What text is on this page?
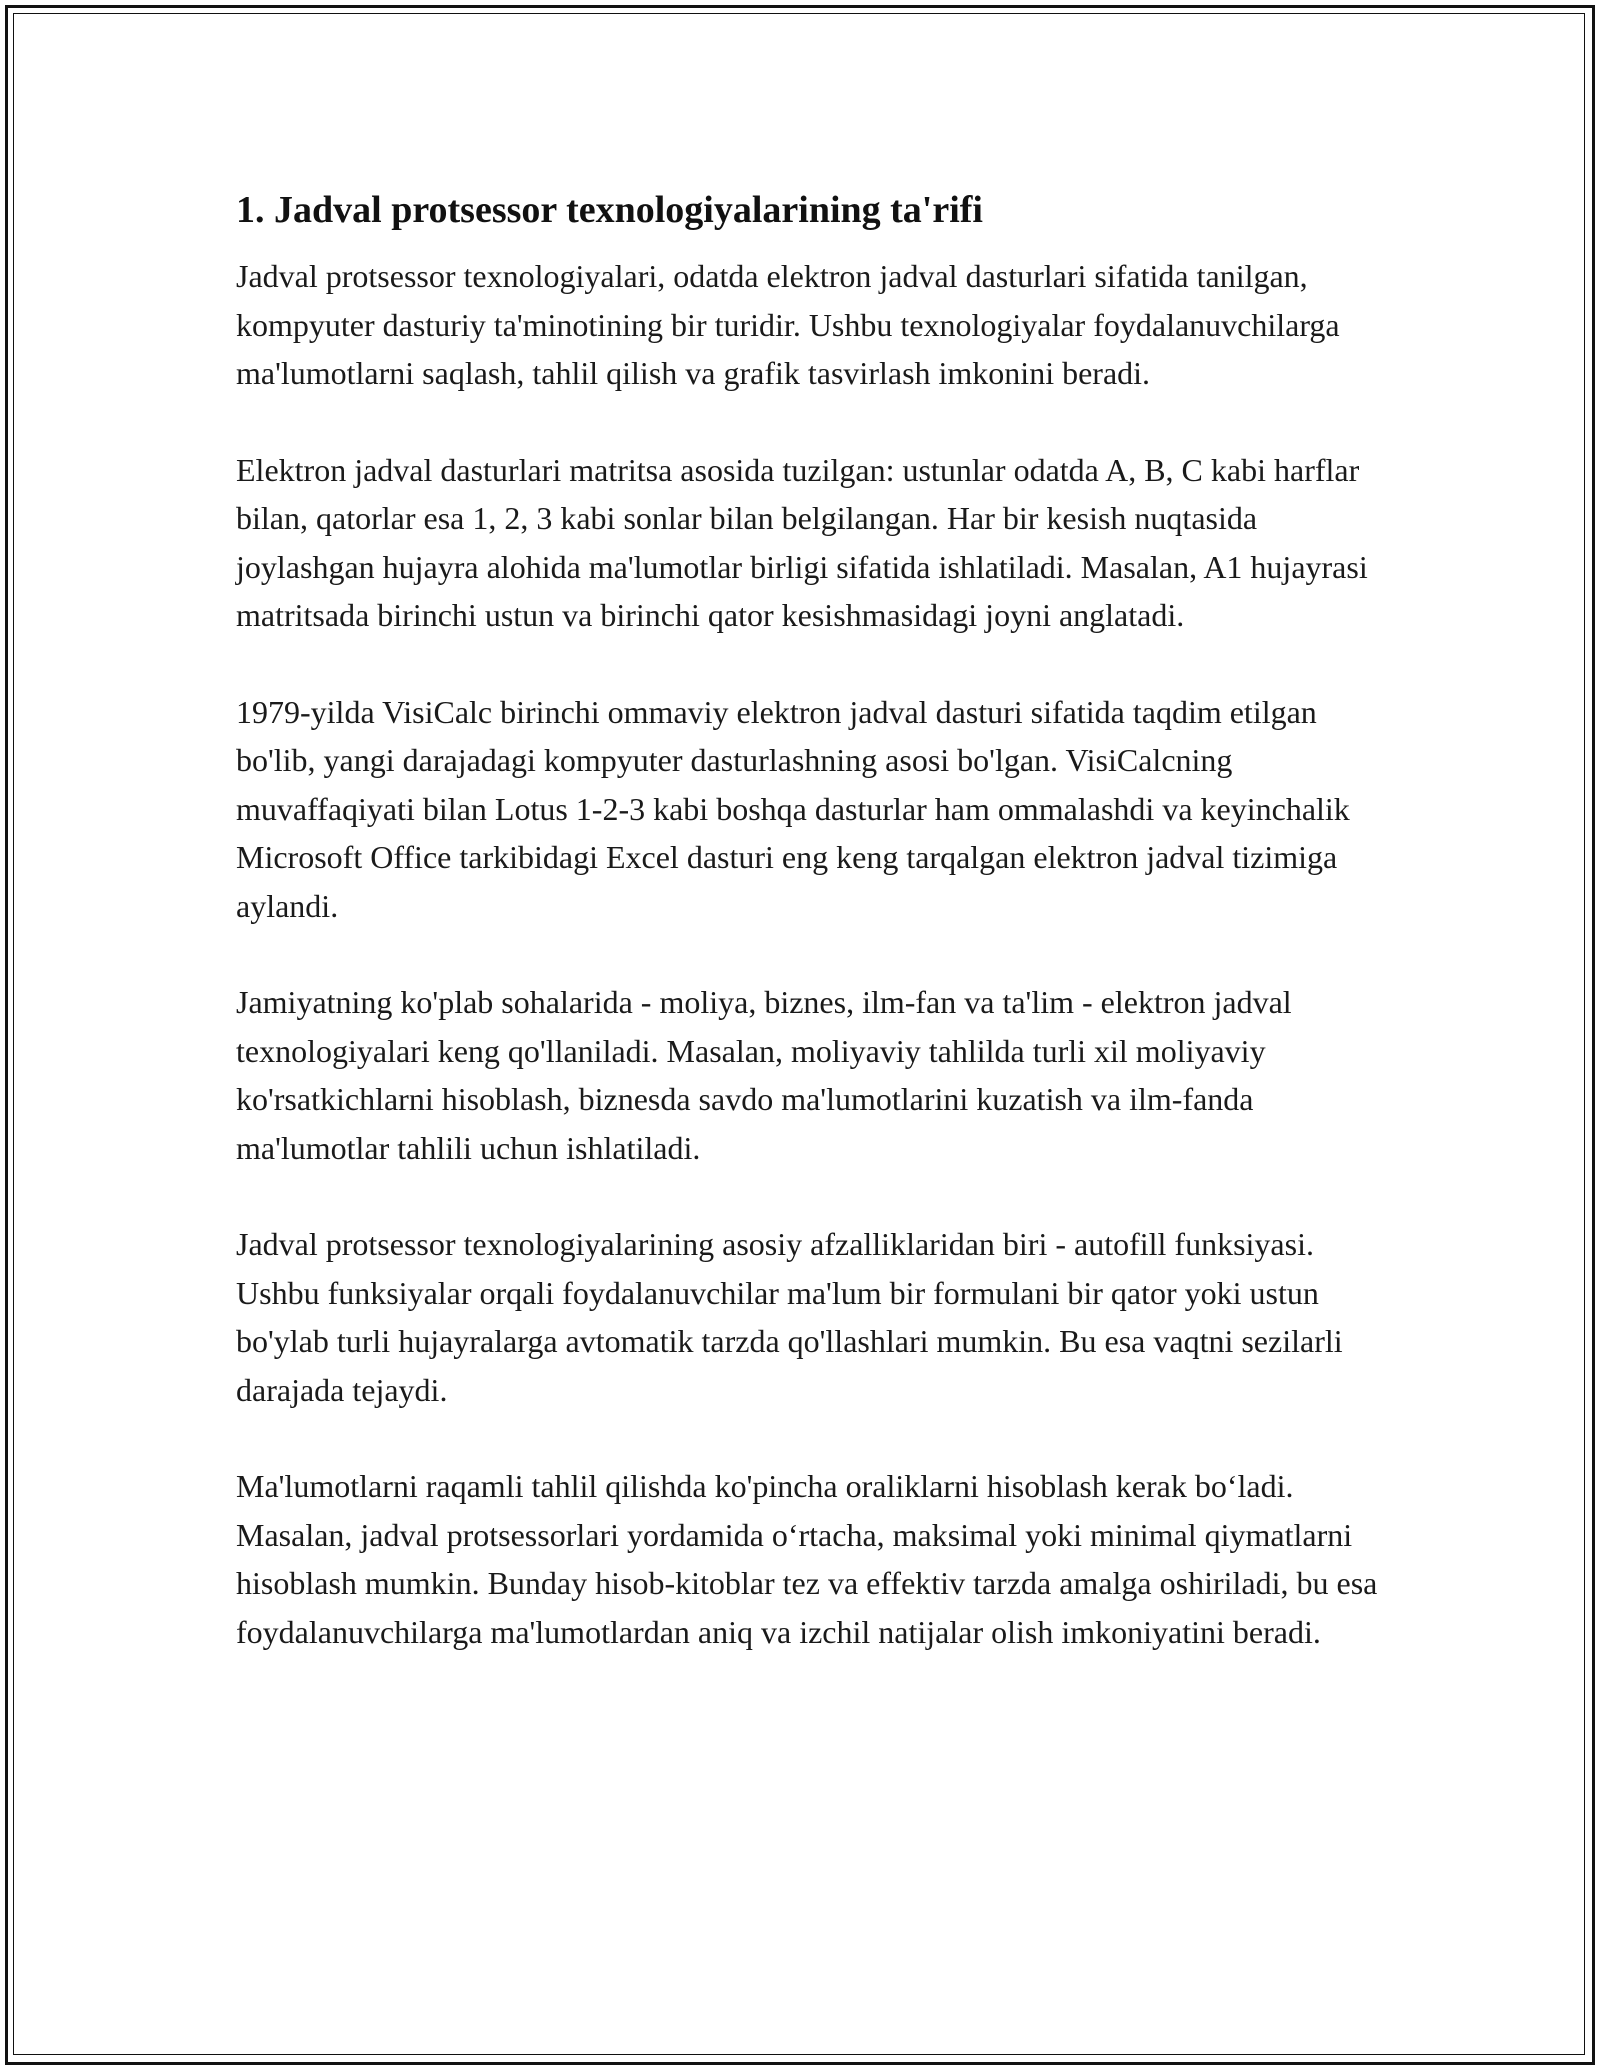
1. Jadval protsessor texnologiyalarining ta'rifi

Jadval protsessor texnologiyalari, odatda elektron jadval dasturlari sifatida tanilgan, kompyuter dasturiy ta'minotining bir turidir. Ushbu texnologiyalar foydalanuvchilarga ma'lumotlarni saqlash, tahlil qilish va grafik tasvirlash imkonini beradi.

Elektron jadval dasturlari matritsa asosida tuzilgan: ustunlar odatda A, B, C kabi harflar bilan, qatorlar esa 1, 2, 3 kabi sonlar bilan belgilangan. Har bir kesish nuqtasida joylashgan hujayra alohida ma'lumotlar birligi sifatida ishlatiladi. Masalan, A1 hujayrasi matritsada birinchi ustun va birinchi qator kesishmasidagi joyni anglatadi.

1979-yilda VisiCalc birinchi ommaviy elektron jadval dasturi sifatida taqdim etilgan bo'lib, yangi darajadagi kompyuter dasturlashning asosi bo'lgan. VisiCalcning muvaffaqiyati bilan Lotus 1-2-3 kabi boshqa dasturlar ham ommalashdi va keyinchalik Microsoft Office tarkibidagi Excel dasturi eng keng tarqalgan elektron jadval tizimiga aylandi.

Jamiyatning ko'plab sohalarida - moliya, biznes, ilm-fan va ta'lim - elektron jadval texnologiyalari keng qo'llaniladi. Masalan, moliyaviy tahlilda turli xil moliyaviy ko'rsatkichlarni hisoblash, biznesda savdo ma'lumotlarini kuzatish va ilm-fanda ma'lumotlar tahlili uchun ishlatiladi.

Jadval protsessor texnologiyalarining asosiy afzalliklaridan biri - autofill funksiyasi. Ushbu funksiyalar orqali foydalanuvchilar ma'lum bir formulani bir qator yoki ustun bo'ylab turli hujayralarga avtomatik tarzda qo'llashlari mumkin. Bu esa vaqtni sezilarli darajada tejaydi.

Ma'lumotlarni raqamli tahlil qilishda ko'pincha oraliklarni hisoblash kerak bo‘ladi. Masalan, jadval protsessorlari yordamida o‘rtacha, maksimal yoki minimal qiymatlarni hisoblash mumkin. Bunday hisob-kitoblar tez va effektiv tarzda amalga oshiriladi, bu esa foydalanuvchilarga ma'lumotlardan aniq va izchil natijalar olish imkoniyatini beradi.
